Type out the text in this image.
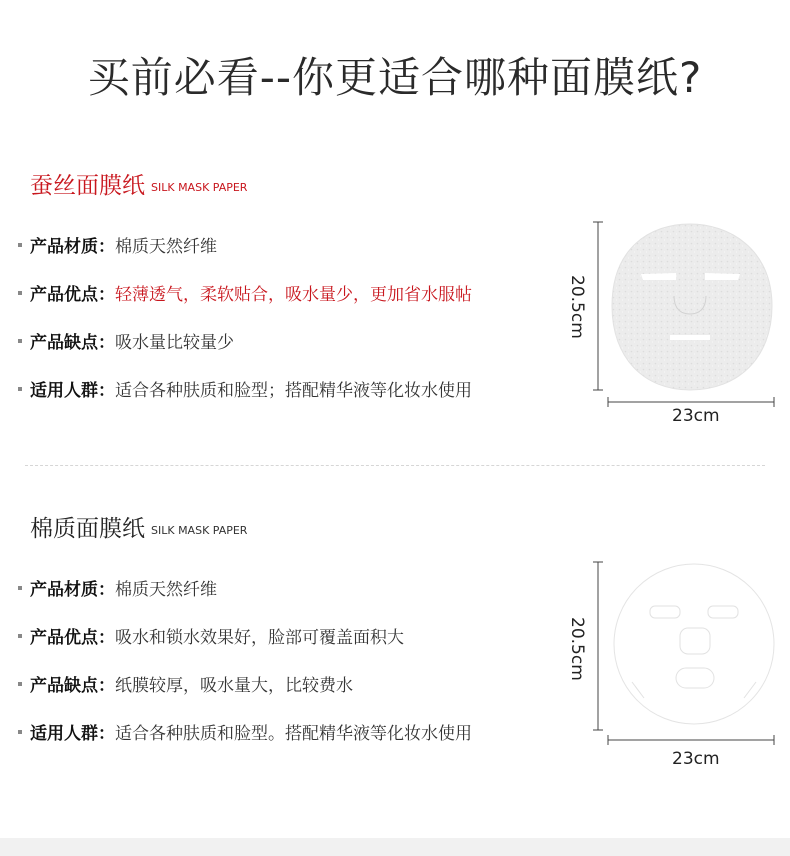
买前必看--你更适合哪种面膜纸?
蚕丝面膜纸 SILK MASK PAPER
产品材质：棉质天然纤维
产品优点：轻薄透气，柔软贴合，吸水量少，更加省水服帖
产品缺点：吸水量比较量少
适用人群：适合各种肤质和脸型；搭配精华液等化妆水使用
20.5cm
23cm
棉质面膜纸 SILK MASK PAPER
产品材质：棉质天然纤维
产品优点：吸水和锁水效果好，脸部可覆盖面积大
产品缺点：纸膜较厚，吸水量大，比较费水
适用人群：适合各种肤质和脸型。搭配精华液等化妆水使用
20.5cm
23cm
